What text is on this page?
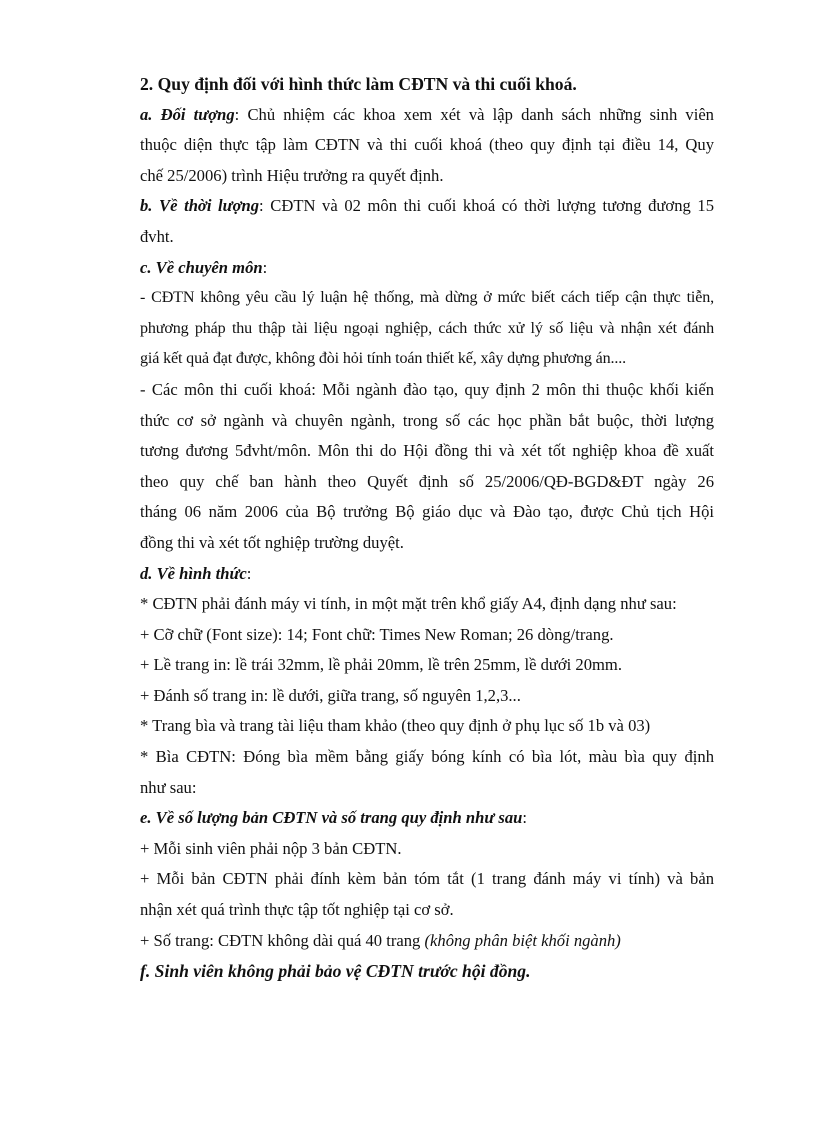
2. Quy định đối với hình thức làm CĐTN và thi cuối khoá.
a. Đối tượng: Chủ nhiệm các khoa xem xét và lập danh sách những sinh viên
thuộc diện thực tập làm CĐTN và thi cuối khoá (theo quy định tại điều 14, Quy
chế 25/2006) trình Hiệu trưởng ra quyết định.
b. Về thời lượng: CĐTN và 02 môn thi cuối khoá có thời lượng tương đương 15
đvht.
c. Về chuyên môn:
- CĐTN không yêu cầu lý luận hệ thống, mà dừng ở mức biết cách tiếp cận thực tiễn,
phương pháp thu thập tài liệu ngoại nghiệp, cách thức xử lý số liệu và nhận xét đánh
giá kết quả đạt được, không đòi hỏi tính toán thiết kế, xây dựng phương án....
- Các môn thi cuối khoá: Mỗi ngành đào tạo, quy định 2 môn thi thuộc khối kiến
thức cơ sở ngành và chuyên ngành, trong số các học phần bắt buộc, thời lượng
tương đương 5đvht/môn. Môn thi do Hội đồng thi và xét tốt nghiệp khoa đề xuất
theo quy chế ban hành theo Quyết định số 25/2006/QĐ-BGD&ĐT ngày 26
tháng 06 năm 2006 của Bộ trưởng Bộ giáo dục và Đào tạo, được Chủ tịch Hội
đồng thi và xét tốt nghiệp trường duyệt.
d. Về hình thức:
* CĐTN phải đánh máy vi tính, in một mặt trên khổ giấy A4, định dạng như sau:
+ Cỡ chữ (Font size): 14; Font chữ: Times New Roman; 26 dòng/trang.
+ Lề trang in: lề trái 32mm, lề phải 20mm, lề trên 25mm, lề dưới 20mm.
+ Đánh số trang in: lề dưới, giữa trang, số nguyên 1,2,3...
* Trang bìa và trang tài liệu tham khảo (theo quy định ở phụ lục số 1b và 03)
* Bìa CĐTN: Đóng bìa mềm bằng giấy bóng kính có bìa lót, màu bìa quy định
như sau:
e. Về số lượng bản CĐTN và số trang quy định như sau:
+ Mỗi sinh viên phải nộp 3 bản CĐTN.
+ Mỗi bản CĐTN phải đính kèm bản tóm tắt (1 trang đánh máy vi tính) và bản
nhận xét quá trình thực tập tốt nghiệp tại cơ sở.
+ Số trang: CĐTN không dài quá 40 trang (không phân biệt khối ngành)
f. Sinh viên không phải bảo vệ CĐTN trước hội đồng.
